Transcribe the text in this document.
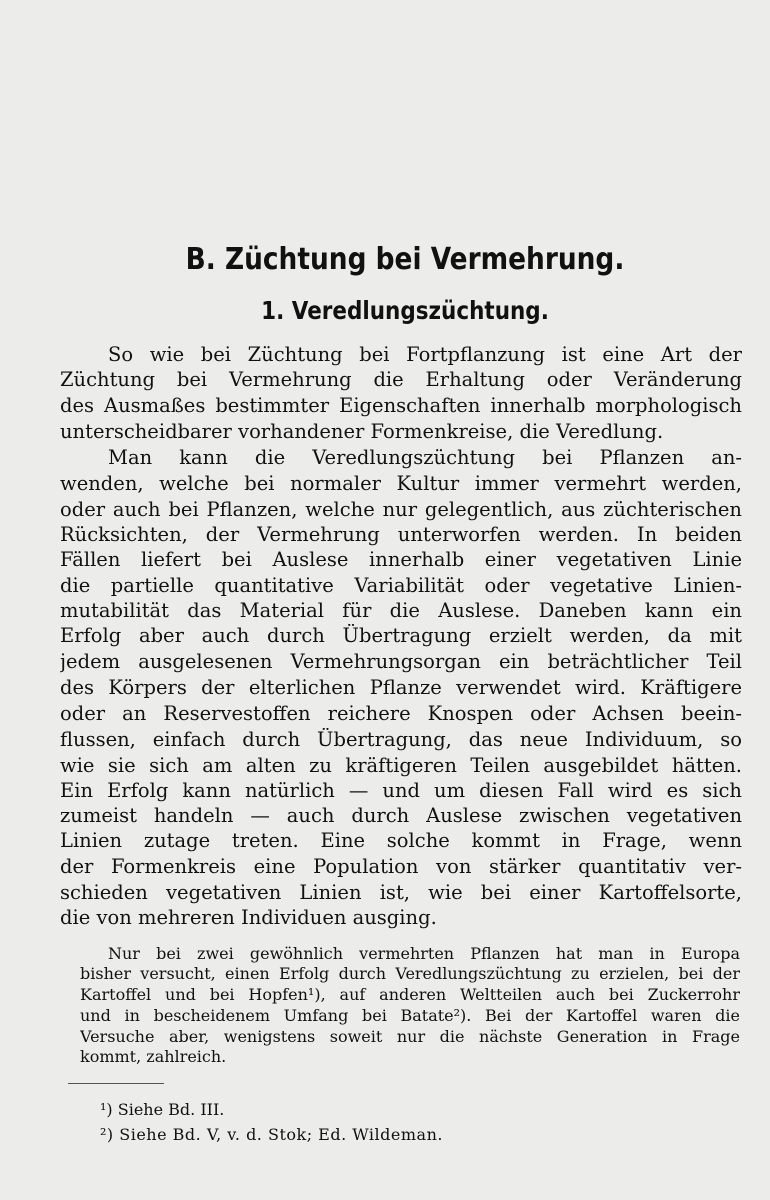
B. Züchtung bei Vermehrung.
1. Veredlungszüchtung.
So wie bei Züchtung bei Fortpflanzung ist eine Art der
Züchtung bei Vermehrung die Erhaltung oder Veränderung
des Ausmaßes bestimmter Eigenschaften innerhalb morphologisch
unterscheidbarer vorhandener Formenkreise, die Veredlung.
Man kann die Veredlungszüchtung bei Pflanzen an-
wenden, welche bei normaler Kultur immer vermehrt werden,
oder auch bei Pflanzen, welche nur gelegentlich, aus züchterischen
Rücksichten, der Vermehrung unterworfen werden. In beiden
Fällen liefert bei Auslese innerhalb einer vegetativen Linie
die partielle quantitative Variabilität oder vegetative Linien-
mutabilität das Material für die Auslese. Daneben kann ein
Erfolg aber auch durch Übertragung erzielt werden, da mit
jedem ausgelesenen Vermehrungsorgan ein beträchtlicher Teil
des Körpers der elterlichen Pflanze verwendet wird. Kräftigere
oder an Reservestoffen reichere Knospen oder Achsen beein-
flussen, einfach durch Übertragung, das neue Individuum, so
wie sie sich am alten zu kräftigeren Teilen ausgebildet hätten.
Ein Erfolg kann natürlich — und um diesen Fall wird es sich
zumeist handeln — auch durch Auslese zwischen vegetativen
Linien zutage treten. Eine solche kommt in Frage, wenn
der Formenkreis eine Population von stärker quantitativ ver-
schieden vegetativen Linien ist, wie bei einer Kartoffelsorte,
die von mehreren Individuen ausging.
Nur bei zwei gewöhnlich vermehrten Pflanzen hat man in Europa
bisher versucht, einen Erfolg durch Veredlungszüchtung zu erzielen, bei der
Kartoffel und bei Hopfen¹), auf anderen Weltteilen auch bei Zuckerrohr
und in bescheidenem Umfang bei Batate²). Bei der Kartoffel waren die
Versuche aber, wenigstens soweit nur die nächste Generation in Frage
kommt, zahlreich.
¹) Siehe Bd. III.
²) Siehe Bd. V, v. d. Stok; Ed. Wildeman.
